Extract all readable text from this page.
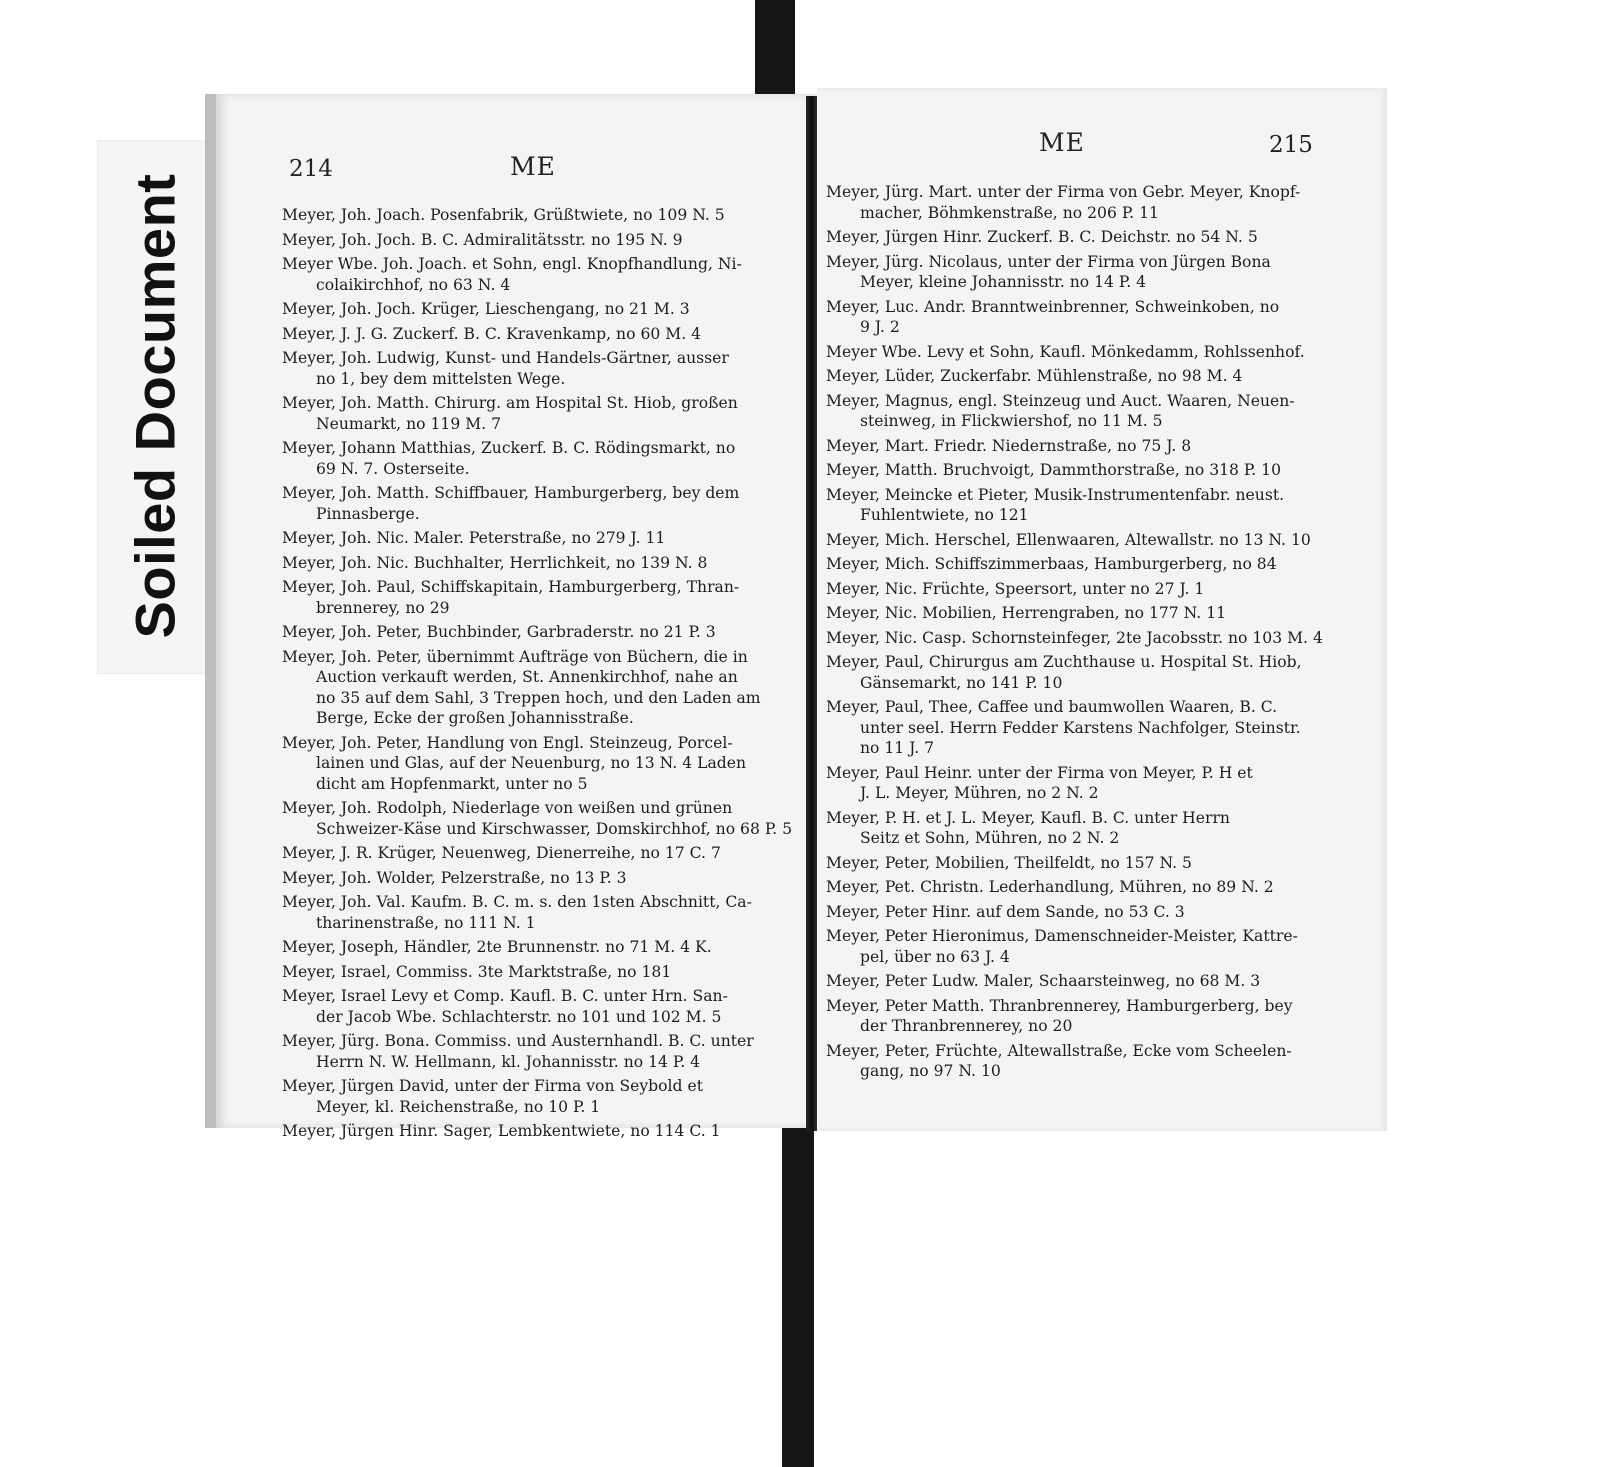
Soiled Document
214	ME
Meyer, Joh. Joach. Posenfabrik, Grüßtwiete, no 109 N. 5
Meyer, Joh. Joch. B. C. Admiralitätsstr. no 195 N. 9
Meyer Wbe. Joh. Joach. et Sohn, engl. Knopfhandlung, Ni-
colaikirchhof, no 63 N. 4
Meyer, Joh. Joch. Krüger, Lieschengang, no 21 M. 3
Meyer, J. J. G. Zuckerf. B. C. Kravenkamp, no 60 M. 4
Meyer, Joh. Ludwig, Kunst- und Handels-Gärtner, ausser
no 1, bey dem mittelsten Wege.
Meyer, Joh. Matth. Chirurg. am Hospital St. Hiob, großen
Neumarkt, no 119 M. 7
Meyer, Johann Matthias, Zuckerf. B. C. Rödingsmarkt, no
69 N. 7. Osterseite.
Meyer, Joh. Matth. Schiffbauer, Hamburgerberg, bey dem
Pinnasberge.
Meyer, Joh. Nic. Maler. Peterstraße, no 279 J. 11
Meyer, Joh. Nic. Buchhalter, Herrlichkeit, no 139 N. 8
Meyer, Joh. Paul, Schiffskapitain, Hamburgerberg, Thran-
brennerey, no 29
Meyer, Joh. Peter, Buchbinder, Garbraderstr. no 21 P. 3
Meyer, Joh. Peter, übernimmt Aufträge von Büchern, die in
Auction verkauft werden, St. Annenkirchhof, nahe an
no 35 auf dem Sahl, 3 Treppen hoch, und den Laden am
Berge, Ecke der großen Johannisstraße.
Meyer, Joh. Peter, Handlung von Engl. Steinzeug, Porcel-
lainen und Glas, auf der Neuenburg, no 13 N. 4 Laden
dicht am Hopfenmarkt, unter no 5
Meyer, Joh. Rodolph, Niederlage von weißen und grünen
Schweizer-Käse und Kirschwasser, Domskirchhof, no 68 P. 5
Meyer, J. R. Krüger, Neuenweg, Dienerreihe, no 17 C. 7
Meyer, Joh. Wolder, Pelzerstraße, no 13 P. 3
Meyer, Joh. Val. Kaufm. B. C. m. s. den 1sten Abschnitt, Ca-
tharinenstraße, no 111 N. 1
Meyer, Joseph, Händler, 2te Brunnenstr. no 71 M. 4 K.
Meyer, Israel, Commiss. 3te Marktstraße, no 181
Meyer, Israel Levy et Comp. Kaufl. B. C. unter Hrn. San-
der Jacob Wbe. Schlachterstr. no 101 und 102 M. 5
Meyer, Jürg. Bona. Commiss. und Austernhandl. B. C. unter
Herrn N. W. Hellmann, kl. Johannisstr. no 14 P. 4
Meyer, Jürgen David, unter der Firma von Seybold et
Meyer, kl. Reichenstraße, no 10 P. 1
Meyer, Jürgen Hinr. Sager, Lembkentwiete, no 114 C. 1
ME	215
Meyer, Jürg. Mart. unter der Firma von Gebr. Meyer, Knopf-
macher, Böhmkenstraße, no 206 P. 11
Meyer, Jürgen Hinr. Zuckerf. B. C. Deichstr. no 54 N. 5
Meyer, Jürg. Nicolaus, unter der Firma von Jürgen Bona
Meyer, kleine Johannisstr. no 14 P. 4
Meyer, Luc. Andr. Branntweinbrenner, Schweinkoben, no
9 J. 2
Meyer Wbe. Levy et Sohn, Kaufl. Mönkedamm, Rohlssenhof.
Meyer, Lüder, Zuckerfabr. Mühlenstraße, no 98 M. 4
Meyer, Magnus, engl. Steinzeug und Auct. Waaren, Neuen-
steinweg, in Flickwiershof, no 11 M. 5
Meyer, Mart. Friedr. Niedernstraße, no 75 J. 8
Meyer, Matth. Bruchvoigt, Dammthorstraße, no 318 P. 10
Meyer, Meincke et Pieter, Musik-Instrumentenfabr. neust.
Fuhlentwiete, no 121
Meyer, Mich. Herschel, Ellenwaaren, Altewallstr. no 13 N. 10
Meyer, Mich. Schiffszimmerbaas, Hamburgerberg, no 84
Meyer, Nic. Früchte, Speersort, unter no 27 J. 1
Meyer, Nic. Mobilien, Herrengraben, no 177 N. 11
Meyer, Nic. Casp. Schornsteinfeger, 2te Jacobsstr. no 103 M. 4
Meyer, Paul, Chirurgus am Zuchthause u. Hospital St. Hiob,
Gänsemarkt, no 141 P. 10
Meyer, Paul, Thee, Caffee und baumwollen Waaren, B. C.
unter seel. Herrn Fedder Karstens Nachfolger, Steinstr.
no 11 J. 7
Meyer, Paul Heinr. unter der Firma von Meyer, P. H et
J. L. Meyer, Mühren, no 2 N. 2
Meyer, P. H. et J. L. Meyer, Kaufl. B. C. unter Herrn
Seitz et Sohn, Mühren, no 2 N. 2
Meyer, Peter, Mobilien, Theilfeldt, no 157 N. 5
Meyer, Pet. Christn. Lederhandlung, Mühren, no 89 N. 2
Meyer, Peter Hinr. auf dem Sande, no 53 C. 3
Meyer, Peter Hieronimus, Damenschneider-Meister, Kattre-
pel, über no 63 J. 4
Meyer, Peter Ludw. Maler, Schaarsteinweg, no 68 M. 3
Meyer, Peter Matth. Thranbrennerey, Hamburgerberg, bey
der Thranbrennerey, no 20
Meyer, Peter, Früchte, Altewallstraße, Ecke vom Scheelen-
gang, no 97 N. 10
